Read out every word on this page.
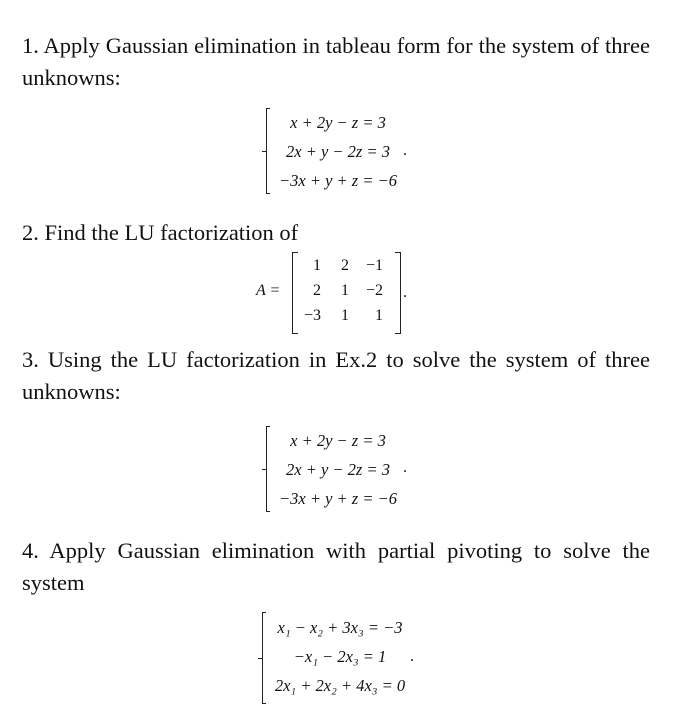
1. Apply Gaussian elimination in tableau form for the system of three unknowns:
x + 2y − z = 3
2x + y − 2z = 3
−3x + y + z = −6
.
2. Find the LU factorization of
A =
1	2	−1
2	1	−2
−3	1	1
.
3. Using the LU factorization in Ex.2 to solve the system of three unknowns:
x + 2y − z = 3
2x + y − 2z = 3
−3x + y + z = −6
.
4. Apply Gaussian elimination with partial pivoting to solve the system
x₁ − x₂ + 3x₃ = −3
−x₁ − 2x₃ = 1
2x₁ + 2x₂ + 4x₃ = 0
.
